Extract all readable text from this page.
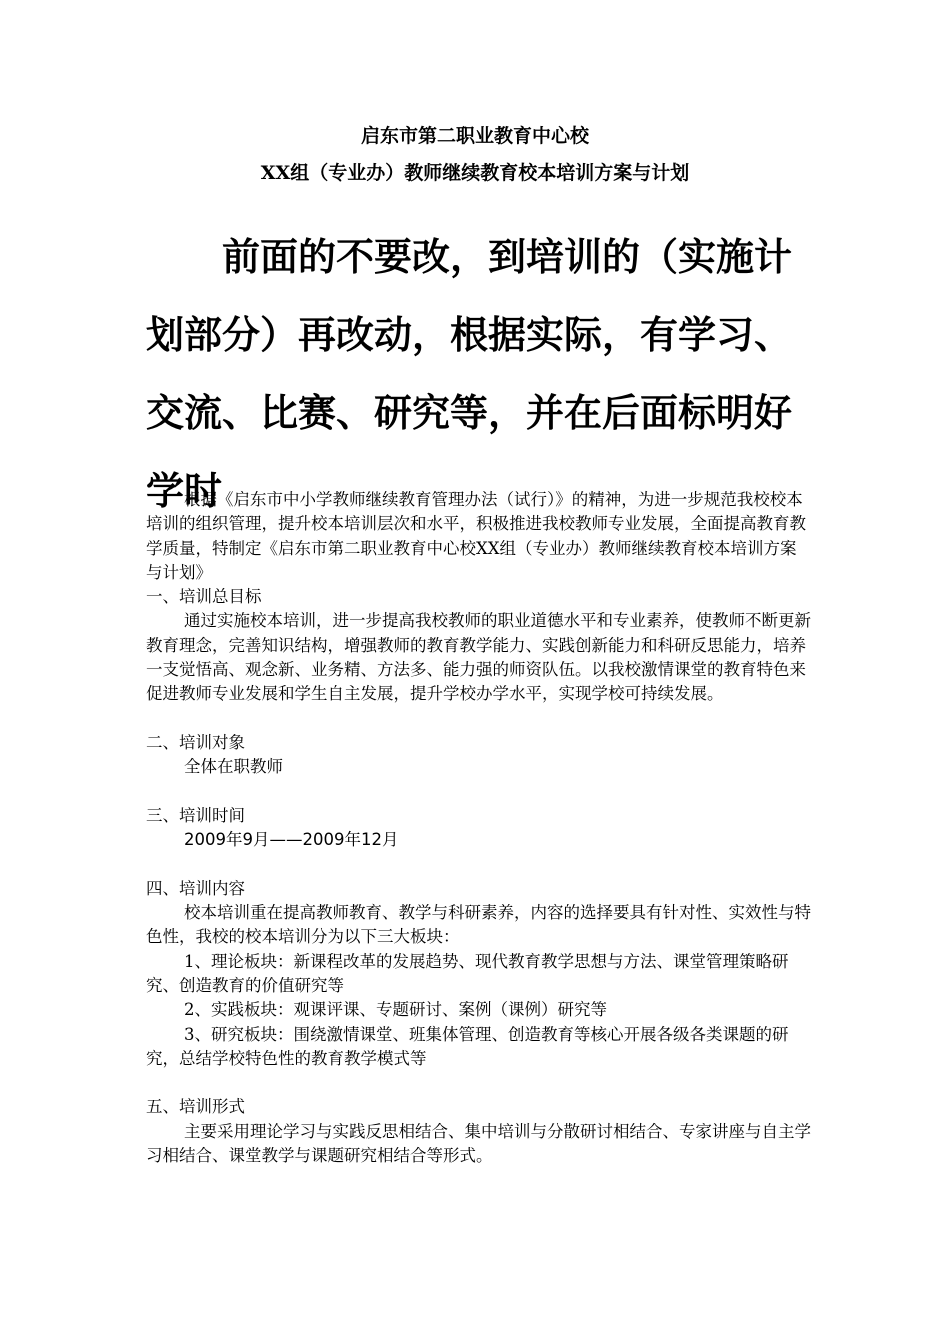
启东市第二职业教育中心校
XX组（专业办）教师继续教育校本培训方案与计划

前面的不要改，到培训的（实施计划部分）再改动，根据实际，有学习、交流、比赛、研究等，并在后面标明好学时

根据《启东市中小学教师继续教育管理办法（试行）》的精神，为进一步规范我校校本培训的组织管理，提升校本培训层次和水平，积极推进我校教师专业发展，全面提高教育教学质量，特制定《启东市第二职业教育中心校XX组（专业办）教师继续教育校本培训方案与计划》

一、培训总目标

通过实施校本培训，进一步提高我校教师的职业道德水平和专业素养，使教师不断更新教育理念，完善知识结构，增强教师的教育教学能力、实践创新能力和科研反思能力，培养一支觉悟高、观念新、业务精、方法多、能力强的师资队伍。以我校激情课堂的教育特色来促进教师专业发展和学生自主发展，提升学校办学水平，实现学校可持续发展。

二、培训对象

全体在职教师

三、培训时间

2009年9月——2009年12月

四、培训内容

校本培训重在提高教师教育、教学与科研素养，内容的选择要具有针对性、实效性与特色性，我校的校本培训分为以下三大板块：

1、理论板块：新课程改革的发展趋势、现代教育教学思想与方法、课堂管理策略研究、创造教育的价值研究等

2、实践板块：观课评课、专题研讨、案例（课例）研究等

3、研究板块：围绕激情课堂、班集体管理、创造教育等核心开展各级各类课题的研究，总结学校特色性的教育教学模式等

五、培训形式

主要采用理论学习与实践反思相结合、集中培训与分散研讨相结合、专家讲座与自主学习相结合、课堂教学与课题研究相结合等形式。
